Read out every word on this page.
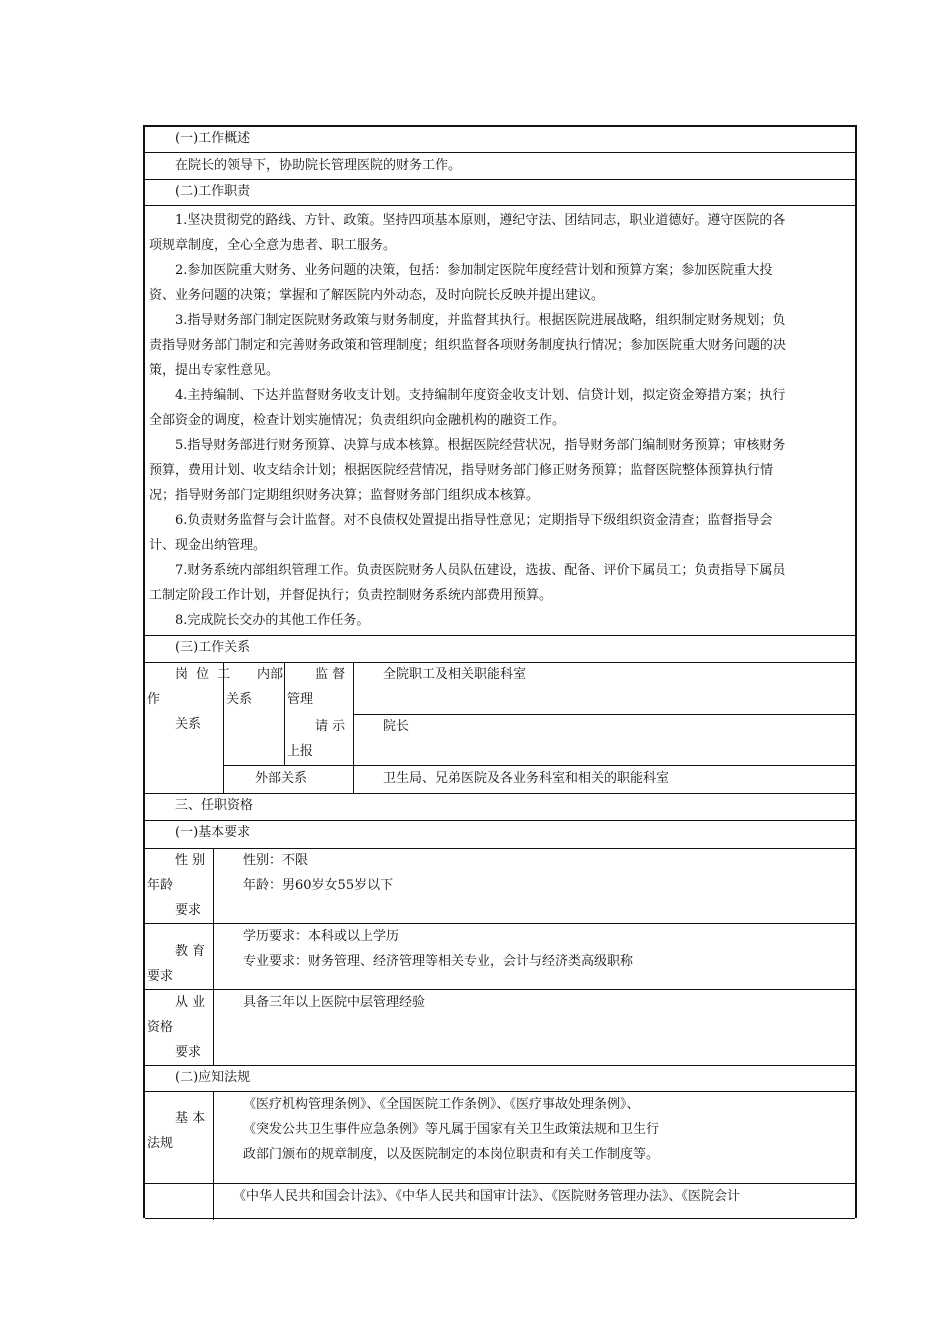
(一)工作概述
在院长的领导下，协助院长管理医院的财务工作。
(二)工作职责
1.坚决贯彻党的路线、方针、政策。坚持四项基本原则，遵纪守法、团结同志，职业道德好。遵守医院的各
项规章制度，全心全意为患者、职工服务。
2.参加医院重大财务、业务问题的决策，包括：参加制定医院年度经营计划和预算方案；参加医院重大投
资、业务问题的决策；掌握和了解医院内外动态，及时向院长反映并提出建议。
3.指导财务部门制定医院财务政策与财务制度，并监督其执行。根据医院进展战略，组织制定财务规划；负
责指导财务部门制定和完善财务政策和管理制度；组织监督各项财务制度执行情况；参加医院重大财务问题的决
策，提出专家性意见。
4.主持编制、下达并监督财务收支计划。支持编制年度资金收支计划、信贷计划，拟定资金筹措方案；执行
全部资金的调度，检查计划实施情况；负责组织向金融机构的融资工作。
5.指导财务部进行财务预算、决算与成本核算。根据医院经营状况，指导财务部门编制财务预算；审核财务
预算，费用计划、收支结余计划；根据医院经营情况，指导财务部门修正财务预算；监督医院整体预算执行情
况；指导财务部门定期组织财务决算；监督财务部门组织成本核算。
6.负责财务监督与会计监督。对不良债权处置提出指导性意见；定期指导下级组织资金清查；监督指导会
计、现金出纳管理。
7.财务系统内部组织管理工作。负责医院财务人员队伍建设，选拔、配备、评价下属员工；负责指导下属员
工制定阶段工作计划，并督促执行；负责控制财务系统内部费用预算。
8.完成院长交办的其他工作任务。
(三)工作关系
岗 位 工
作
关系
内部
关系
监 督
管理
全院职工及相关职能科室
请 示
上报
院长
外部关系	卫生局、兄弟医院及各业务科室和相关的职能科室
三、任职资格
(一)基本要求
性 别
年龄
要求
性别：不限
年龄：男60岁女55岁以下
教 育
要求
学历要求：本科或以上学历
专业要求：财务管理、经济管理等相关专业，会计与经济类高级职称
从 业
资格
要求
具备三年以上医院中层管理经验
(二)应知法规
基 本
法规
《医疗机构管理条例》、《全国医院工作条例》、《医疗事故处理条例》、
《突发公共卫生事件应急条例》等凡属于国家有关卫生政策法规和卫生行
政部门颁布的规章制度，以及医院制定的本岗位职责和有关工作制度等。
《中华人民共和国会计法》、《中华人民共和国审计法》、《医院财务管理办法》、《医院会计
